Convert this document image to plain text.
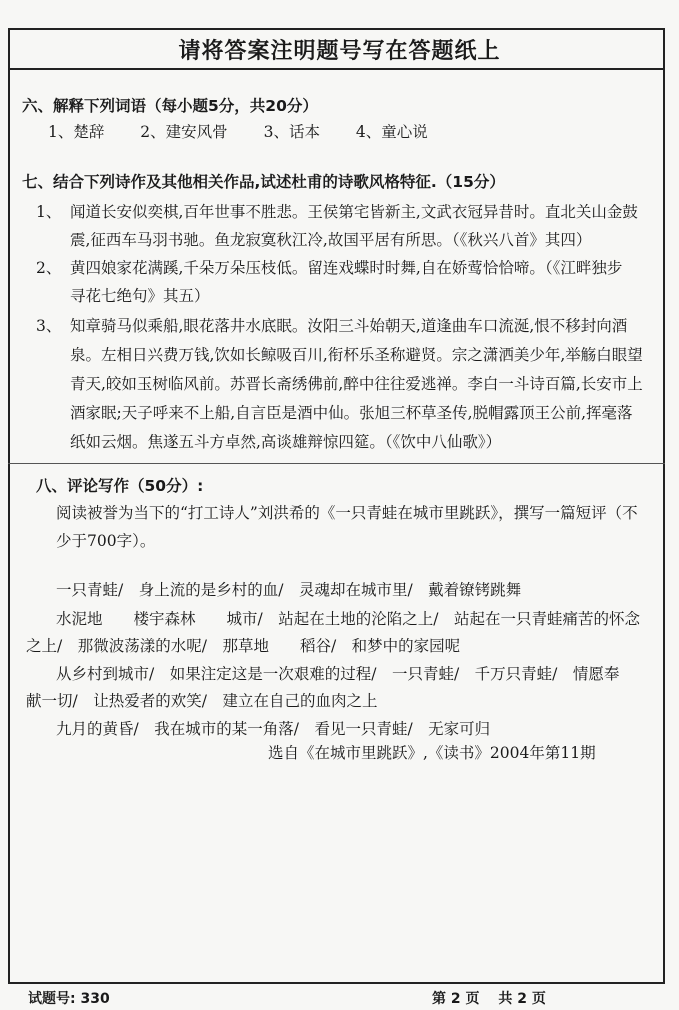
请将答案注明题号写在答题纸上
六、解释下列词语（每小题5分，共20分）
1、楚辞 　　2、建安风骨 　　3、话本 　　4、童心说
七、结合下列诗作及其他相关作品,试述杜甫的诗歌风格特征.（15分）
1、 闻道长安似奕棋,百年世事不胜悲。王侯第宅皆新主,文武衣冠异昔时。直北关山金鼓
震,征西车马羽书驰。鱼龙寂寞秋江冷,故国平居有所思。（《秋兴八首》其四）
2、 黄四娘家花满蹊,千朵万朵压枝低。留连戏蝶时时舞,自在娇莺恰恰啼。（《江畔独步
寻花七绝句》其五）
3、 知章骑马似乘船,眼花落井水底眠。汝阳三斗始朝天,道逢曲车口流涎,恨不移封向酒
泉。左相日兴费万钱,饮如长鲸吸百川,衔杯乐圣称避贤。宗之潇洒美少年,举觞白眼望
青天,皎如玉树临风前。苏晋长斋绣佛前,醉中往往爱逃禅。李白一斗诗百篇,长安市上
酒家眠;天子呼来不上船,自言臣是酒中仙。张旭三杯草圣传,脱帽露顶王公前,挥毫落
纸如云烟。焦遂五斗方卓然,高谈雄辩惊四筵。（《饮中八仙歌》）
八、评论写作（50分）:
阅读被誉为当下的“打工诗人”刘洪希的《一只青蛙在城市里跳跃》，撰写一篇短评（不
少于700字）。
一只青蛙/　身上流的是乡村的血/　灵魂却在城市里/　戴着镣铐跳舞
水泥地　　楼宇森林　　城市/　站起在土地的沦陷之上/　站起在一只青蛙痛苦的怀念
之上/　那微波荡漾的水呢/　那草地　　稻谷/　和梦中的家园呢
从乡村到城市/　如果注定这是一次艰难的过程/　一只青蛙/　千万只青蛙/　情愿奉
献一切/　让热爱者的欢笑/　建立在自己的血肉之上
九月的黄昏/　我在城市的某一角落/　看见一只青蛙/　无家可归
选自《在城市里跳跃》,《读书》2004年第11期
试题号: 330	第 2 页 　共 2 页
